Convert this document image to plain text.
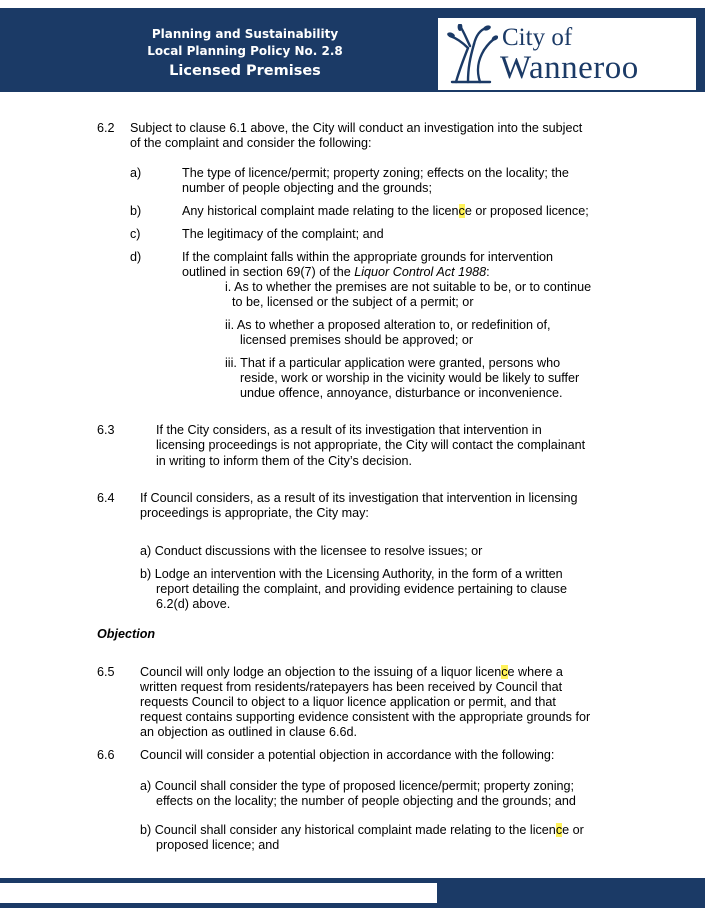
Planning and Sustainability
Local Planning Policy No. 2.8
Licensed Premises
City of
Wanneroo
6.2 Subject to clause 6.1 above, the City will conduct an investigation into the subject
of the complaint and consider the following:
a)	The type of licence/permit; property zoning; effects on the locality; the
number of people objecting and the grounds;
b)	Any historical complaint made relating to the licence or proposed licence;
c)	The legitimacy of the complaint; and
d)	If the complaint falls within the appropriate grounds for intervention
outlined in section 69(7) of the Liquor Control Act 1988:
i. As to whether the premises are not suitable to be, or to continue
to be, licensed or the subject of a permit; or
ii. As to whether a proposed alteration to, or redefinition of,
licensed premises should be approved; or
iii. That if a particular application were granted, persons who
reside, work or worship in the vicinity would be likely to suffer
undue offence, annoyance, disturbance or inconvenience.
6.3	If the City considers, as a result of its investigation that intervention in
licensing proceedings is not appropriate, the City will contact the complainant
in writing to inform them of the City’s decision.
6.4 If Council considers, as a result of its investigation that intervention in licensing
proceedings is appropriate, the City may:
a) Conduct discussions with the licensee to resolve issues; or
b) Lodge an intervention with the Licensing Authority, in the form of a written
report detailing the complaint, and providing evidence pertaining to clause
6.2(d) above.
Objection
6.5 Council will only lodge an objection to the issuing of a liquor licence where a
written request from residents/ratepayers has been received by Council that
requests Council to object to a liquor licence application or permit, and that
request contains supporting evidence consistent with the appropriate grounds for
an objection as outlined in clause 6.6d.
6.6 Council will consider a potential objection in accordance with the following:
a) Council shall consider the type of proposed licence/permit; property zoning;
effects on the locality; the number of people objecting and the grounds; and
b) Council shall consider any historical complaint made relating to the licence or
proposed licence; and
